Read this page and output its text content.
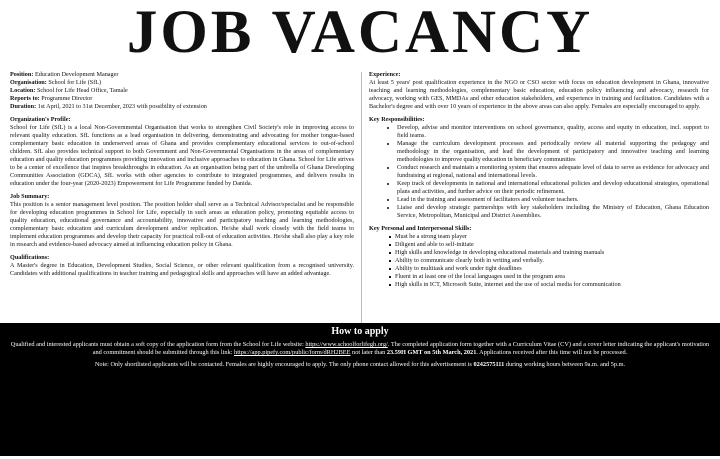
JOB VACANCY

Position: Education Development Manager

Organisation: School for Life (SfL)

Location: School for Life Head Office, Tamale

Reports to: Programme Director

Duration: 1st April, 2021 to 31st December, 2023 with possibility of extension

Organization's Profile:

School for Life (SfL) is a local Non-Governmental Organisation that works to strengthen Civil Society's role in improving access to relevant quality education. SfL functions as a lead organisation in delivering, demonstrating and advocating for mother tongue-based complementary basic education in underserved areas of Ghana and provides complementary educational services to out-of-school children. SfL also provides technical support to both Government and Non-Governmental Organisations in the areas of complementary education and quality education programmes providing innovation and inclusive approaches to education in Ghana. School for Life strives to be a center of excellence that inspires breakthroughs in education. As an organisation being part of the umbrella of Ghana Developing Communities Association (GDCA), SfL works with other agencies to contribute to integrated programmes, and delivers results in education under the four-year (2020-2023) Empowerment for Life Programme funded by Danida.

Job Summary:

This position is a senior management level position. The position holder shall serve as a Technical Advisor/specialist and be responsible for developing education programmes in School for Life, especially in such areas as education policy, promoting equitable access to quality education, educational governance and accountability, innovative and participatory teaching and learning methodologies, complementary basic education and curriculum development and/or replication. He/she shall work closely with the field teams to implement education programmes and develop their capacity for practical roll-out of education activities. He/she shall also play a key role in research and evidence-based advocacy aimed at influencing education policy in Ghana.

Qualifications:

A Master's degree in Education, Development Studies, Social Science, or other relevant qualification from a recognised university. Candidates with additional qualifications in teacher training and pedagogical skills and approaches will have an added advantage.

Experience:

At least 5 years' post qualification experience in the NGO or CSO sector with focus on education development in Ghana, innovative teaching and learning methodologies, complementary basic education, education policy influencing and advocacy, research for advocacy, working with GES, MMDAs and other education stakeholders, and experience in training and facilitation. Candidates with a Bachelor's degree and with over 10 years of experience in the above areas can also apply. Females are especially encouraged to apply.

Key Responsibilities:

• Develop, advise and monitor interventions on school governance, quality, access and equity in education, incl. support to field teams.
• Manage the curriculum development processes and periodically review all material supporting the pedagogy and methodology in the organisation, and lead the development of participatory and innovative teaching and learning methodologies to improve quality education in beneficiary communities
• Conduct research and maintain a monitoring system that ensures adequate level of data to serve as evidence for advocacy and fundraising at regional, national and international levels.
• Keep track of developments in national and international educational policies and develop educational strategies, operational plans and activities, and further advice on their periodic refinement.
• Lead in the training and assessment of facilitators and volunteer teachers.
• Liaise and develop strategic partnerships with key stakeholders including the Ministry of Education, Ghana Education Service, Metropolitan, Municipal and District Assemblies.

Key Personal and Interpersonal Skills:

Must be a strong team player
Diligent and able to self-initiate
High skills and knowledge in developing educational materials and training manuals
Ability to communicate clearly both in writing and verbally.
Ability to multitask and work under tight deadlines
Fluent in at least one of the local languages used in the program area
High skills in ICT, Microsoft Suite, internet and the use of social media for communication
How to apply
Qualified and interested applicants must obtain a soft copy of the application form from the School for Life website: https://www.schoolforlifegh.org/. The completed application form together with a Curriculum Vitae (CV) and a cover letter indicating the applicant's motivation and commitment should be submitted through this link: https://app.pipefy.com/public/form/dRH2BEE not later than 23.59H GMT on 5th March, 2021. Applications received after this time will not be processed.
Note: Only shortlisted applicants will be contacted. Females are highly encouraged to apply. The only phone contact allowed for this advertisement is 0242575111 during working hours between 9a.m. and 5p.m.
